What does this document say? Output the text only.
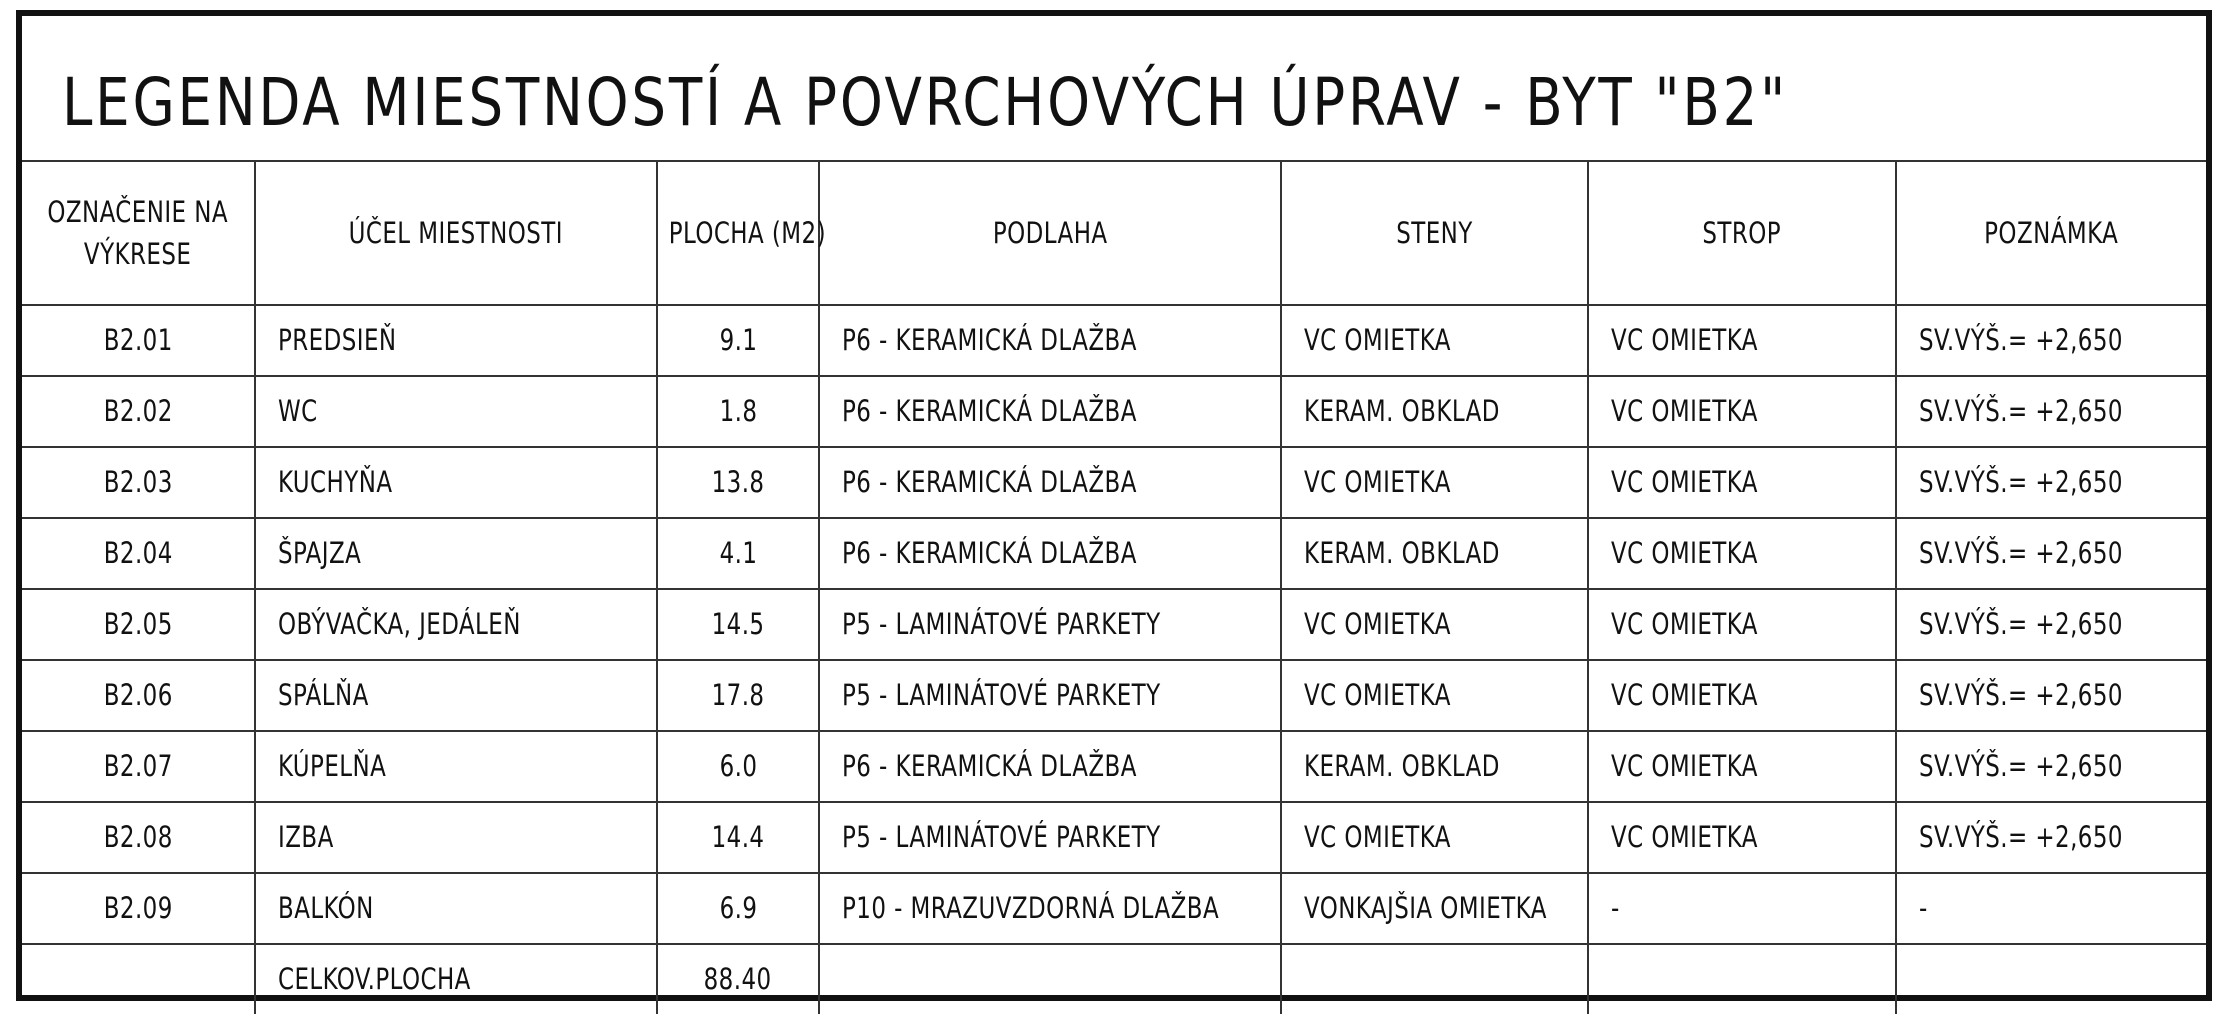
LEGENDA MIESTNOSTÍ A POVRCHOVÝCH ÚPRAV - BYT "B2"
OZNAČENIE NA
VÝKRESE	ÚČEL MIESTNOSTI	PLOCHA (M2)	PODLAHA	STENY	STROP	POZNÁMKA
B2.01	PREDSIEŇ	9.1	P6 - KERAMICKÁ DLAŽBA	VC OMIETKA	VC OMIETKA	SV.VÝŠ.= +2,650
B2.02	WC	1.8	P6 - KERAMICKÁ DLAŽBA	KERAM. OBKLAD	VC OMIETKA	SV.VÝŠ.= +2,650
B2.03	KUCHYŇA	13.8	P6 - KERAMICKÁ DLAŽBA	VC OMIETKA	VC OMIETKA	SV.VÝŠ.= +2,650
B2.04	ŠPAJZA	4.1	P6 - KERAMICKÁ DLAŽBA	KERAM. OBKLAD	VC OMIETKA	SV.VÝŠ.= +2,650
B2.05	OBÝVAČKA, JEDÁLEŇ	14.5	P5 - LAMINÁTOVÉ PARKETY	VC OMIETKA	VC OMIETKA	SV.VÝŠ.= +2,650
B2.06	SPÁLŇA	17.8	P5 - LAMINÁTOVÉ PARKETY	VC OMIETKA	VC OMIETKA	SV.VÝŠ.= +2,650
B2.07	KÚPELŇA	6.0	P6 - KERAMICKÁ DLAŽBA	KERAM. OBKLAD	VC OMIETKA	SV.VÝŠ.= +2,650
B2.08	IZBA	14.4	P5 - LAMINÁTOVÉ PARKETY	VC OMIETKA	VC OMIETKA	SV.VÝŠ.= +2,650
B2.09	BALKÓN	6.9	P10 - MRAZUVZDORNÁ DLAŽBA	VONKAJŠIA OMIETKA	-	-
	CELKOV.PLOCHA	88.40				
